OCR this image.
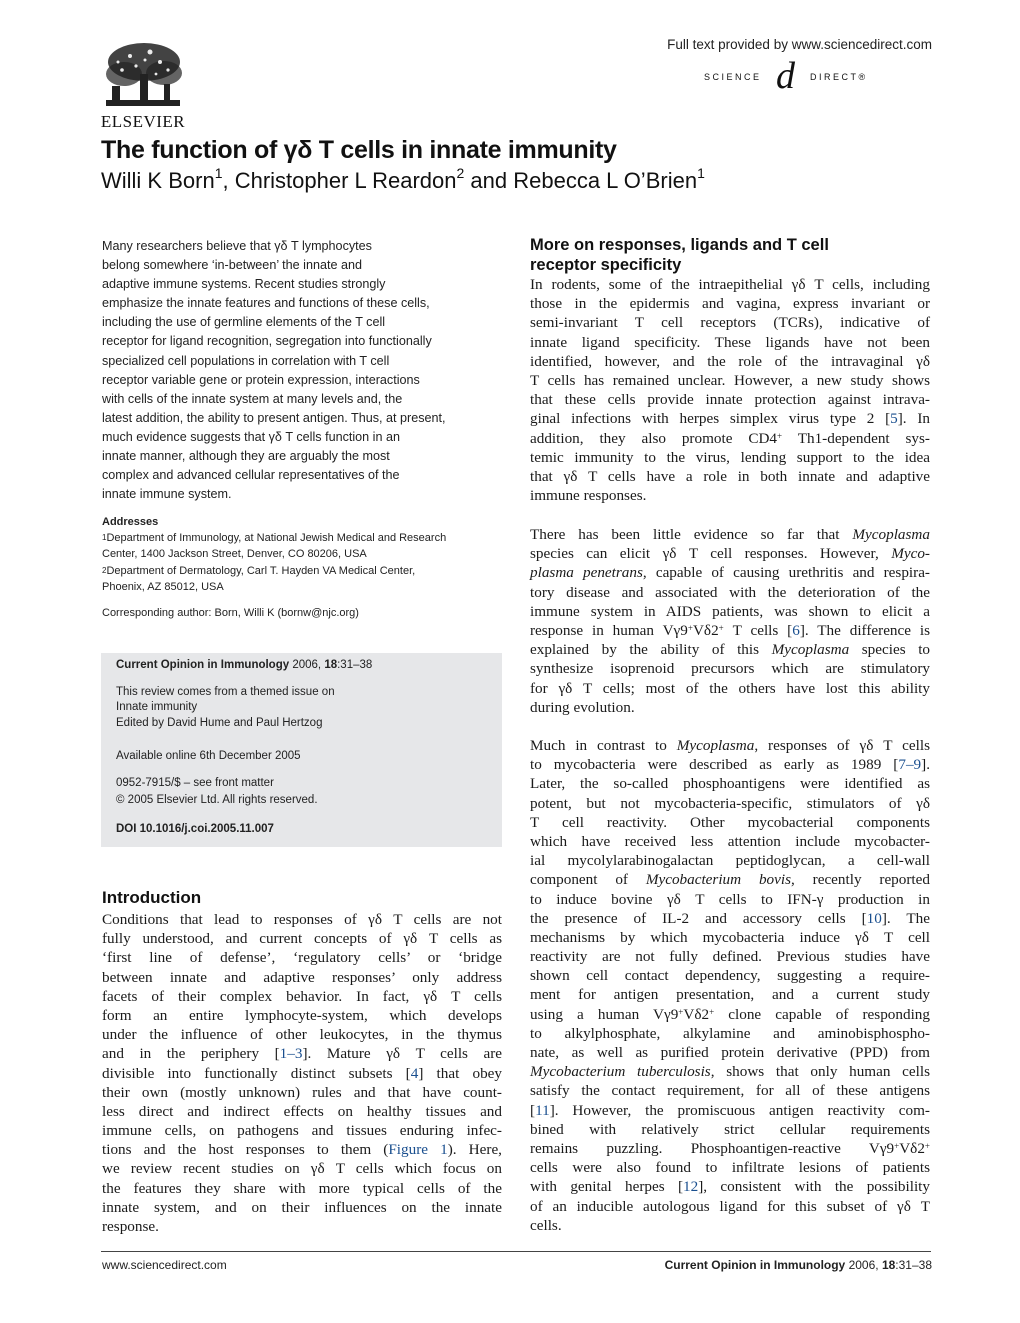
ELSEVIER
Full text provided by www.sciencedirect.com
SCIENCE d DIRECT®
The function of γδ T cells in innate immunity
Willi K Born$^1$, Christopher L Reardon$^2$ and Rebecca L O’Brien$^1$
Many researchers believe that γδ T lymphocytes
belong somewhere ‘in-between’ the innate and
adaptive immune systems. Recent studies strongly
emphasize the innate features and functions of these cells,
including the use of germline elements of the T cell
receptor for ligand recognition, segregation into functionally
specialized cell populations in correlation with T cell
receptor variable gene or protein expression, interactions
with cells of the innate system at many levels and, the
latest addition, the ability to present antigen. Thus, at present,
much evidence suggests that γδ T cells function in an
innate manner, although they are arguably the most
complex and advanced cellular representatives of the
innate immune system.
Addresses
$^1$Department of Immunology, at National Jewish Medical and Research
Center, 1400 Jackson Street, Denver, CO 80206, USA
$^2$Department of Dermatology, Carl T. Hayden VA Medical Center,
Phoenix, AZ 85012, USA
Corresponding author: Born, Willi K (bornw@njc.org)
Current Opinion in Immunology 2006, 18:31–38
This review comes from a themed issue on
Innate immunity
Edited by David Hume and Paul Hertzog
Available online 6th December 2005
0952-7915/$ – see front matter
© 2005 Elsevier Ltd. All rights reserved.
DOI 10.1016/j.coi.2005.11.007
Introduction
Conditions that lead to responses of γδ T cells are not
fully understood, and current concepts of γδ T cells as
‘first line of defense’, ‘regulatory cells’ or ‘bridge
between innate and adaptive responses’ only address
facets of their complex behavior. In fact, γδ T cells
form an entire lymphocyte-system, which develops
under the influence of other leukocytes, in the thymus
and in the periphery [1–3]. Mature γδ T cells are
divisible into functionally distinct subsets [4] that obey
their own (mostly unknown) rules and that have count-
less direct and indirect effects on healthy tissues and
immune cells, on pathogens and tissues enduring infec-
tions and the host responses to them (Figure 1). Here,
we review recent studies on γδ T cells which focus on
the features they share with more typical cells of the
innate system, and on their influences on the innate
response.
More on responses, ligands and T cell
receptor specificity
In rodents, some of the intraepithelial γδ T cells, including
those in the epidermis and vagina, express invariant or
semi-invariant T cell receptors (TCRs), indicative of
innate ligand specificity. These ligands have not been
identified, however, and the role of the intravaginal γδ
T cells has remained unclear. However, a new study shows
that these cells provide innate protection against intrava-
ginal infections with herpes simplex virus type 2 [5]. In
addition, they also promote CD4+ Th1-dependent sys-
temic immunity to the virus, lending support to the idea
that γδ T cells have a role in both innate and adaptive
immune responses.
There has been little evidence so far that Mycoplasma
species can elicit γδ T cell responses. However, Myco-
plasma penetrans, capable of causing urethritis and respira-
tory disease and associated with the deterioration of the
immune system in AIDS patients, was shown to elicit a
response in human Vγ9+Vδ2+ T cells [6]. The difference is
explained by the ability of this Mycoplasma species to
synthesize isoprenoid precursors which are stimulatory
for γδ T cells; most of the others have lost this ability
during evolution.
Much in contrast to Mycoplasma, responses of γδ T cells
to mycobacteria were described as early as 1989 [7–9].
Later, the so-called phosphoantigens were identified as
potent, but not mycobacteria-specific, stimulators of γδ
T cell reactivity. Other mycobacterial components
which have received less attention include mycobacter-
ial mycolylarabinogalactan peptidoglycan, a cell-wall
component of Mycobacterium bovis, recently reported
to induce bovine γδ T cells to IFN-γ production in
the presence of IL-2 and accessory cells [10]. The
mechanisms by which mycobacteria induce γδ T cell
reactivity are not fully defined. Previous studies have
shown cell contact dependency, suggesting a require-
ment for antigen presentation, and a current study
using a human Vγ9+Vδ2+ clone capable of responding
to alkylphosphate, alkylamine and aminobisphospho-
nate, as well as purified protein derivative (PPD) from
Mycobacterium tuberculosis, shows that only human cells
satisfy the contact requirement, for all of these antigens
[11]. However, the promiscuous antigen reactivity com-
bined with relatively strict cellular requirements
remains puzzling. Phosphoantigen-reactive Vγ9+Vδ2+
cells were also found to infiltrate lesions of patients
with genital herpes [12], consistent with the possibility
of an inducible autologous ligand for this subset of γδ T
cells.
www.sciencedirect.com	Current Opinion in Immunology 2006, 18:31–38
